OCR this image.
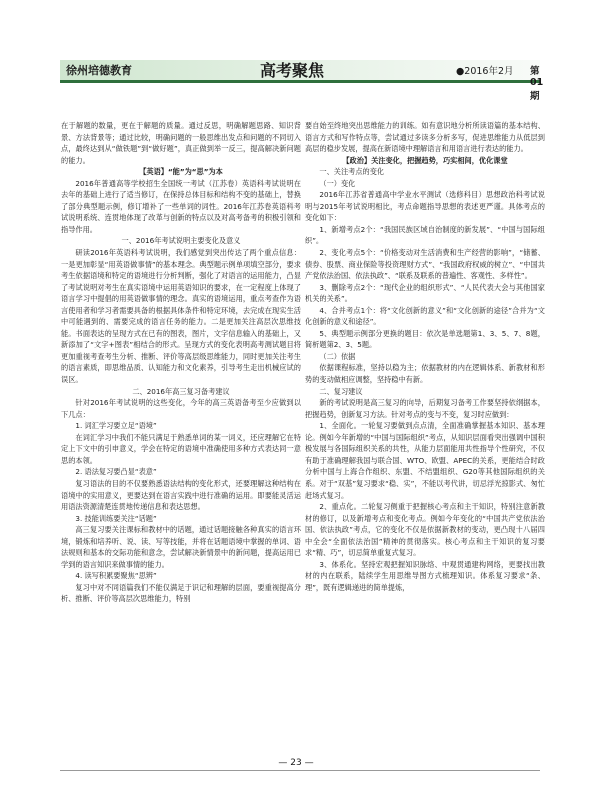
徐州培德教育	高考聚焦	●2016年2月 第01期

在于解题的数量，更在于解题的质量。通过反思，明确解题思路、知识背景、方法背景等；通过比较，明确问题的一般思维出发点和问题的不同切入点，最终达到从“做铁题”到“做好题”，真正做到举一反三，提高解决新问题的能力。

【英语】“能”为“思”为本

2016年普通高等学校招生全国统一考试（江苏卷）英语科考试说明在去年的基础上进行了适当修订，在保持总体目标和结构不变的基础上，替换了部分典型题示例，修订增补了一些单词的词性。2016年江苏卷英语科考试说明系统、连贯地体现了改革与创新的特点以及对高考备考的积极引领和指导作用。

一、2016年考试说明主要变化及意义

研读2016年英语科考试说明，我们感觉到突出传达了两个重点信息：一是更加彰显“用英语做事情”的基本理念。典型题示例单项填空部分，要求考生依据语境和特定的语境进行分析判断，强化了对语言的运用能力，凸显了考试说明对考生在真实语境中运用英语知识的要求，在一定程度上体现了语言学习中提倡的用英语做事情的理念。真实的语境运用，重点考查作为语言使用者和学习者需要具备的根据具体条件和特定环境，去完成在现实生活中可能遇到的、需要完成的语言任务的能力。二是更加关注高层次思维技能。书面表达的呈现方式在已有的图表，图片，文字信息输入的基础上，又新添加了“文字+图表”相结合的形式。呈现方式的变化表明高考测试题目将更加重视考查考生分析、推断、评价等高层级思维能力，同时更加关注考生的语言素质，即思维品质、认知能力和文化素养，引导考生走出机械应试的误区。

二、2016年高三复习备考建议

针对2016年考试说明的这些变化，今年的高三英语备考至少应做到以下几点：

1. 词汇学习要立足“语境”

在词汇学习中我们不能只满足于熟悉单词的某一词义，还应理解它在特定上下文中的引申意义，学会在特定的语境中准确使用多种方式表达同一意思的本领。

2. 语法复习要凸显“表意”

复习语法的目的不仅要熟悉语法结构的变化形式，还要理解这种结构在语境中的实用意义，更要达到在语言实践中进行准确的运用。即要能灵活运用语法资源清楚连贯地传递信息和表达思想。

3. 技能训练要关注“话题”

高三复习要关注课标和教材中的话题，通过话题接触各种真实的语言环境，锻炼和培养听、说、读、写等技能，并将在话题语境中掌握的单词、语法规则和基本的交际功能和意念，尝试解决新情景中的新问题，提高运用已学到的语言知识来做事情的能力。

4. 读写积累要聚焦“思辨”

复习中对不同语篇我们不能仅满足于识记和理解的层面，要重视提高分析、推断、评价等高层次思维能力，特别

要自始至终地突出思维能力的训练。如有意识地分析所读语篇的基本结构、语言方式和写作特点等，尝试通过多读多分析多写，促进思维能力从低层到高层的稳步发展，提高在新语境中理解语言和用语言进行表达的能力。

【政治】关注变化，把握趋势，巧实相间，优化课堂

一、关注考点的变化

（一）变化

2016年江苏省普通高中学业水平测试（选修科目）思想政治科考试说明与2015年考试说明相比，考点命题指导思想的表述更严谨。具体考点的变化如下：

1、新增考点2个：“我国民族区域自治制度的新发展”、“中国与国际组织”。

2、变化考点5个：“价格变动对生活消费和生产经营的影响”，“储蓄、债券、股票、商业保险等投资理财方式”、“我国政府权威的树立”、“中国共产党依法治国、依法执政”、“联系及联系的普遍性、客观性、多样性”。

3、删除考点2个：“现代企业的组织形式”、“人民代表大会与其他国家机关的关系”。

4、合并考点1个：将“文化创新的意义”和“文化创新的途径”合并为“文化创新的意义和途径”。

5、典型题示例部分更换的题目：依次是单选题第1、3、5、7、8题，简析题第2、3、5题。

（二）依据

依据课程标准，坚持以稳为主；依据教材的内在逻辑体系、新教材和形势的变动做相应调整，坚持稳中有新。

二、复习建议

新的考试说明是高三复习的向导，后期复习备考工作要坚持依纲据本，把握趋势，创新复习方法。针对考点的变与不变，复习时应做到：

1、全面化。一轮复习要做到点点清，全面准确掌握基本知识、基本理论。例如今年新增的“中国与国际组织”考点，从知识层面看突出强调中国积极发展与各国际组织关系的共性，从能力层面能用共性指导个性研究，不仅有助于准确理解我国与联合国、WTO、欧盟、APEC的关系，更能结合时政分析中国与上海合作组织、东盟、不结盟组织、G20等其他国际组织的关系。对于“双基”复习要求“稳、实”，不能以考代讲，切忌浮光掠影式、匆忙赶场式复习。

2、重点化。二轮复习侧重于把握核心考点和主干知识，特别注意新教材的修订，以及新增考点和变化考点。例如今年变化的“中国共产党依法治国、依法执政”考点，它的变化不仅是依据新教材的变动，更凸现十八届四中全会“全面依法治国”精神的贯彻落实。核心考点和主干知识的复习要求“精、巧”，切忌简单重复式复习。

3、体系化。坚持宏观把握知识脉络、中观贯通建构网络，更要找出教材的内在联系，陆续学生用思维导图方式梳理知识。体系复习要求“条、理”，既有逻辑递进的简单提炼，

— 23 —
